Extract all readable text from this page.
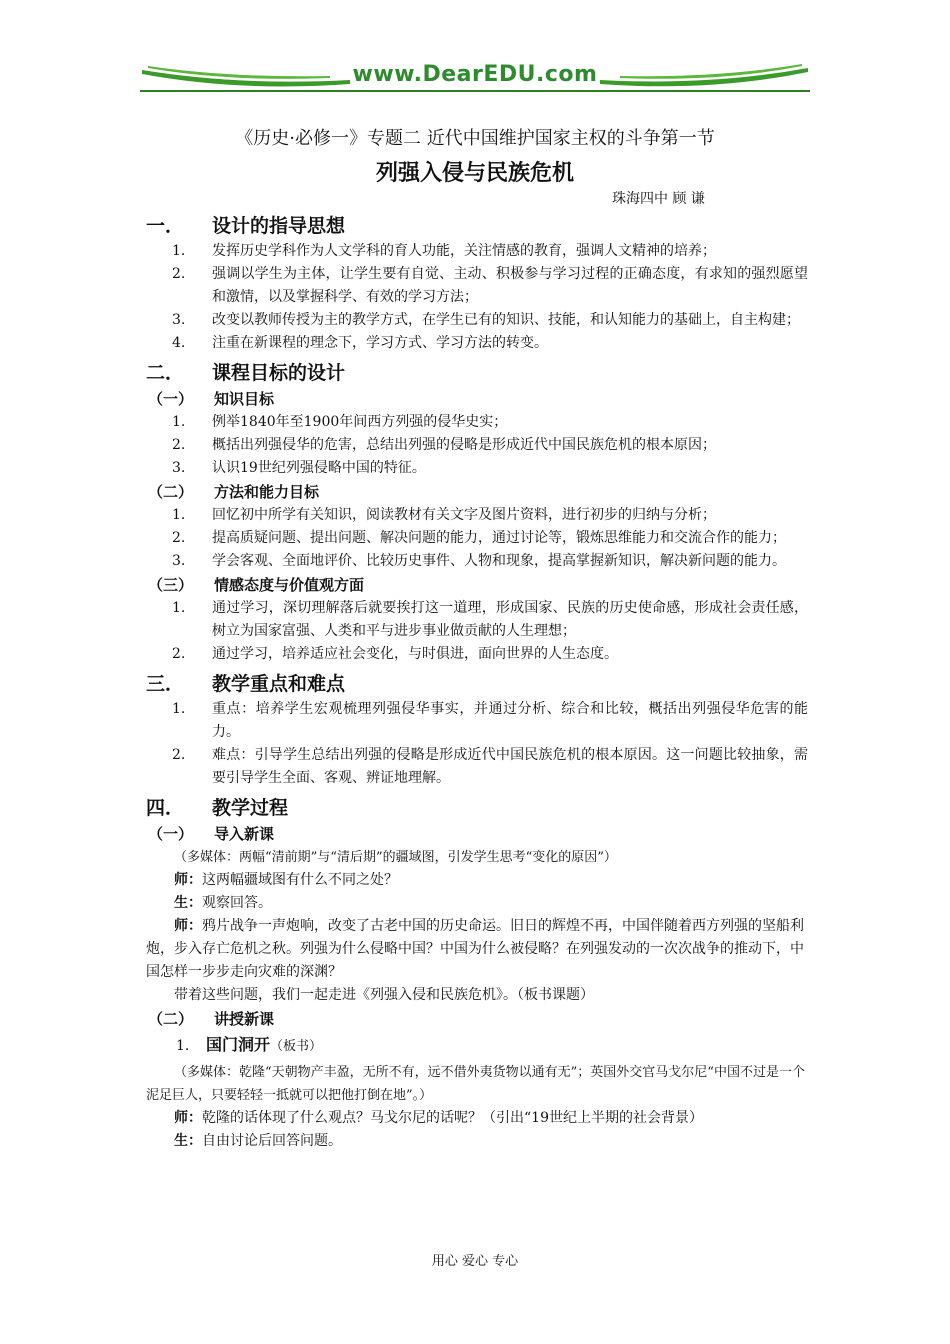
www.DearEDU.com
《历史·必修一》专题二 近代中国维护国家主权的斗争第一节
列强入侵与民族危机
珠海四中 顾 谦
一．	设计的指导思想
1.	发挥历史学科作为人文学科的育人功能，关注情感的教育，强调人文精神的培养；
2.	强调以学生为主体，让学生要有自觉、主动、积极参与学习过程的正确态度，有求知的强烈愿望和激情，以及掌握科学、有效的学习方法；
3.	改变以教师传授为主的教学方式，在学生已有的知识、技能，和认知能力的基础上，自主构建；
4.	注重在新课程的理念下，学习方式、学习方法的转变。
二．	课程目标的设计
（一）	知识目标
1.	例举1840年至1900年间西方列强的侵华史实；
2.	概括出列强侵华的危害，总结出列强的侵略是形成近代中国民族危机的根本原因；
3.	认识19世纪列强侵略中国的特征。
（二）	方法和能力目标
1.	回忆初中所学有关知识，阅读教材有关文字及图片资料，进行初步的归纳与分析；
2.	提高质疑问题、提出问题、解决问题的能力，通过讨论等，锻炼思维能力和交流合作的能力；
3.	学会客观、全面地评价、比较历史事件、人物和现象，提高掌握新知识，解决新问题的能力。
（三）	情感态度与价值观方面
1.	通过学习，深切理解落后就要挨打这一道理，形成国家、民族的历史使命感，形成社会责任感，树立为国家富强、人类和平与进步事业做贡献的人生理想；
2.	通过学习，培养适应社会变化，与时俱进，面向世界的人生态度。
三．	教学重点和难点
1.	重点：培养学生宏观梳理列强侵华事实，并通过分析、综合和比较，概括出列强侵华危害的能力。
2.	难点：引导学生总结出列强的侵略是形成近代中国民族危机的根本原因。这一问题比较抽象，需要引导学生全面、客观、辨证地理解。
四．	教学过程
（一）	导入新课
（多媒体：两幅“清前期”与“清后期”的疆域图，引发学生思考“变化的原因”）
师：这两幅疆域图有什么不同之处？
生：观察回答。
师：鸦片战争一声炮响，改变了古老中国的历史命运。旧日的辉煌不再，中国伴随着西方列强的坚船利炮，步入存亡危机之秋。列强为什么侵略中国？中国为什么被侵略？在列强发动的一次次战争的推动下，中国怎样一步步走向灾难的深渊？
带着这些问题，我们一起走进《列强入侵和民族危机》。（板书课题）
（二）	讲授新课
1. 国门洞开（板书）
（多媒体：乾隆“天朝物产丰盈，无所不有，远不借外夷货物以通有无”；英国外交官马戈尔尼“中国不过是一个泥足巨人，只要轻轻一抵就可以把他打倒在地”。）
师：乾隆的话体现了什么观点？马戈尔尼的话呢？（引出“19世纪上半期的社会背景）
生：自由讨论后回答问题。
用心 爱心 专心
